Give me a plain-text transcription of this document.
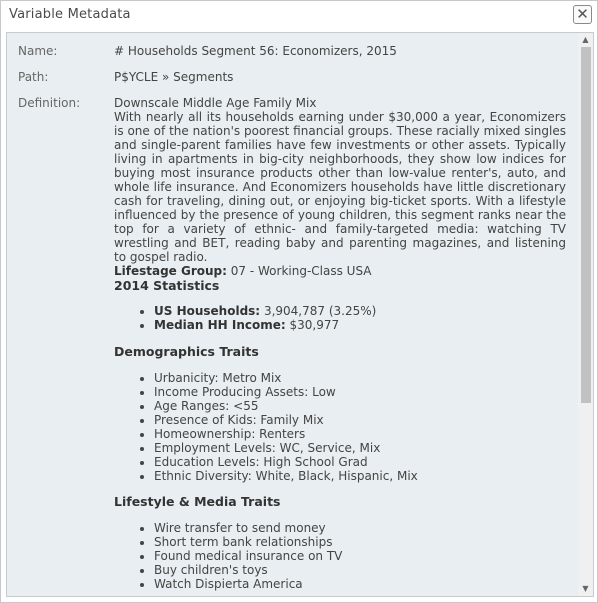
Variable Metadata	✕
Name:	# Households Segment 56: Economizers, 2015
Path:	P$YCLE » Segments
Definition:	Downscale Middle Age Family Mix

With nearly all its households earning under $30,000 a year, Economizers is one of the nation's poorest financial groups. These racially mixed singles and single-parent families have few investments or other assets. Typically living in apartments in big-city neighborhoods, they show low indices for buying most insurance products other than low-value renter's, auto, and whole life insurance. And Economizers households have little discretionary cash for traveling, dining out, or enjoying big-ticket sports. With a lifestyle influenced by the presence of young children, this segment ranks near the top for a variety of ethnic- and family-targeted media: watching TV wrestling and BET, reading baby and parenting magazines, and listening to gospel radio.

Lifestage Group: 07 - Working-Class USA

2014 Statistics
• US Households: 3,904,787 (3.25%)
• Median HH Income: $30,977
Demographics Traits
• Urbanicity: Metro Mix
• Income Producing Assets: Low
• Age Ranges: <55
• Presence of Kids: Family Mix
• Homeownership: Renters
• Employment Levels: WC, Service, Mix
• Education Levels: High School Grad
• Ethnic Diversity: White, Black, Hispanic, Mix
Lifestyle & Media Traits
• Wire transfer to send money
• Short term bank relationships
• Found medical insurance on TV
• Buy children's toys
• Watch Dispierta America
▲
▼
